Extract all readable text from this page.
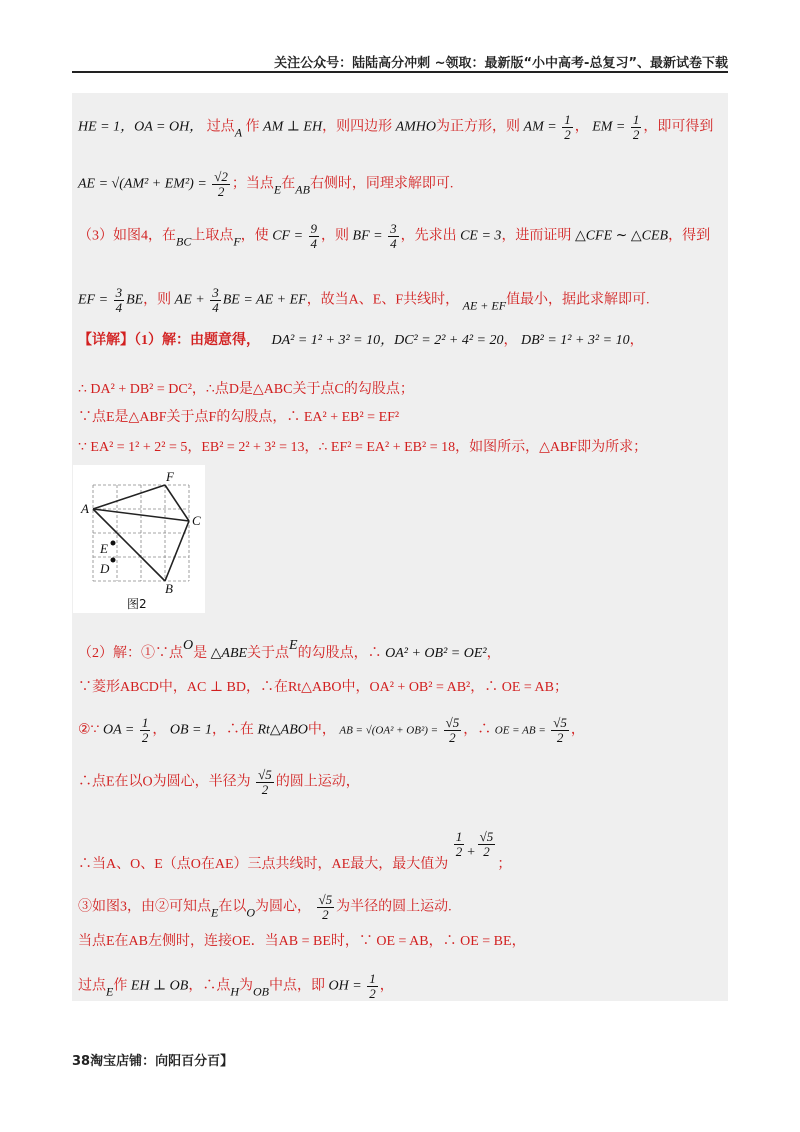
关注公众号：陆陆高分冲刺 ~领取：最新版“小中高考-总复习”、最新试卷下载
HE = 1，OA = OH， 过点A 作 AM ⊥ EH，则四边形 AMHO为正方形，则 AM = $\frac{1}{2}$ ， EM = $\frac{1}{2}$ ，即可得到
AE = $√(AM^2 + EM^2) = \frac{√2}{2}$ ；当点E在AB右侧时，同理求解即可.
（3）如图4，在BC上取点F，使 CF = $\frac{9}{4}$ ，则 BF = $\frac{3}{4}$ ，先求出 CE = 3，进而证明 △CFE ∼ △CEB，得到
EF = $\frac{3}{4}$ BE，则 AE + $\frac{3}{4}$ BE = AE + EF，故当A、E、F共线时， AE + EF值最小，据此求解即可.
【详解】（1）解：由题意得， DA² = 1² + 3² = 10，DC² = 2² + 4² = 20， DB² = 1² + 3² = 10，
∴ DA² + DB² = DC²，∴点D是△ABC关于点C的勾股点；
∵点E是△ABF关于点F的勾股点，∴ EA² + EB² = EF²
∵ EA² = 1² + 2² = 5，EB² = 2² + 3² = 13，∴ EF² = EA² + EB² = 18，如图所示，△ABF即为所求；
A
F
C
B
E
D
图2
（2）解：①∵点O是 △ABE关于点E的勾股点，∴ OA² + OB² = OE²，
∵菱形ABCD中，AC ⊥ BD，∴在Rt△ABO中，OA² + OB² = AB²，∴ OE = AB；
②∵ OA = $\frac{1}{2}$ ， OB = 1，∴在 Rt△ABO中， AB = $√(OA^2 + OB^2) = \frac{√5}{2}$ ，∴ OE = AB = $\frac{√5}{2}$ ，
∴点E在以O为圆心，半径为 $\frac{√5}{2}$ 的圆上运动，
∴当A、O、E（点O在AE）三点共线时，AE最大，最大值为
$\frac{1}{2} + \frac{√5}{2}$
；
③如图3，由②可知点E在以O为圆心， $\frac{√5}{2}$ 为半径的圆上运动.
当点E在AB左侧时，连接OE．当AB = BE时，∵ OE = AB，∴ OE = BE，
过点E作 EH ⊥ OB，∴点H为OB中点，即 OH = $\frac{1}{2}$ ，
38淘宝店铺：向阳百分百】
